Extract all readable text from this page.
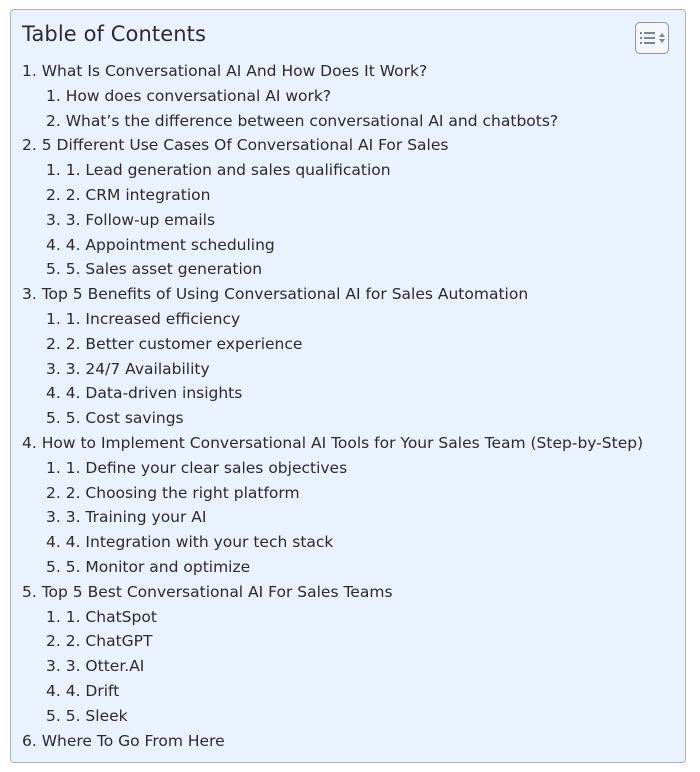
Table of Contents
1. What Is Conversational AI And How Does It Work?
1. How does conversational AI work?
2. What’s the difference between conversational AI and chatbots?
2. 5 Different Use Cases Of Conversational AI For Sales
1. 1. Lead generation and sales qualification
2. 2. CRM integration
3. 3. Follow-up emails
4. 4. Appointment scheduling
5. 5. Sales asset generation
3. Top 5 Benefits of Using Conversational AI for Sales Automation
1. 1. Increased efficiency
2. 2. Better customer experience
3. 3. 24/7 Availability
4. 4. Data-driven insights
5. 5. Cost savings
4. How to Implement Conversational AI Tools for Your Sales Team (Step-by-Step)
1. 1. Define your clear sales objectives
2. 2. Choosing the right platform
3. 3. Training your AI
4. 4. Integration with your tech stack
5. 5. Monitor and optimize
5. Top 5 Best Conversational AI For Sales Teams
1. 1. ChatSpot
2. 2. ChatGPT
3. 3. Otter.AI
4. 4. Drift
5. 5. Sleek
6. Where To Go From Here
